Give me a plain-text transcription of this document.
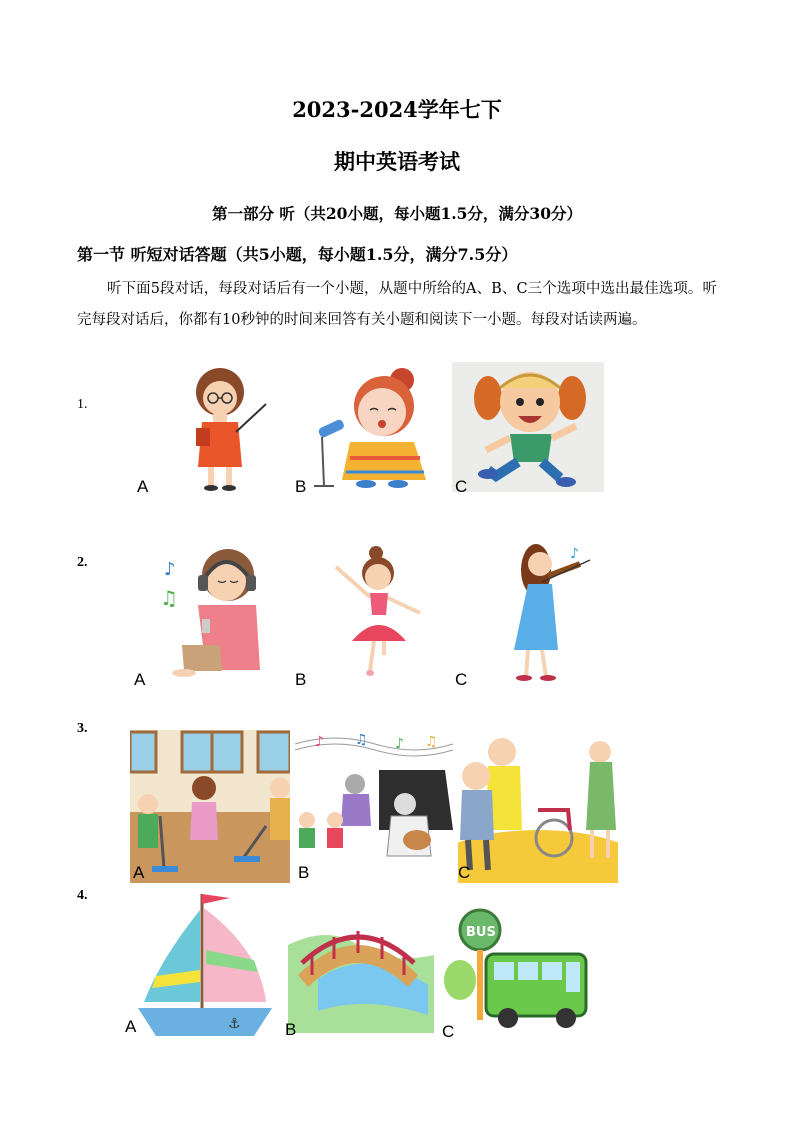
2023-2024学年七下
期中英语考试
第一部分 听（共20小题，每小题1.5分，满分30分）
第一节 听短对话答题（共5小题，每小题1.5分，满分7.5分）
听下面5段对话，每段对话后有一个小题，从题中所给的A、B、C三个选项中选出最佳选项。听完每段对话后，你都有10秒钟的时间来回答有关小题和阅读下一小题。每段对话读两遍。
1.
A	B	C
2.	♪
♫
♪
A	B	C
3.
♪ ♫ ♪ ♫
A	B	C
4.
⚓
BUS
A	B	C
